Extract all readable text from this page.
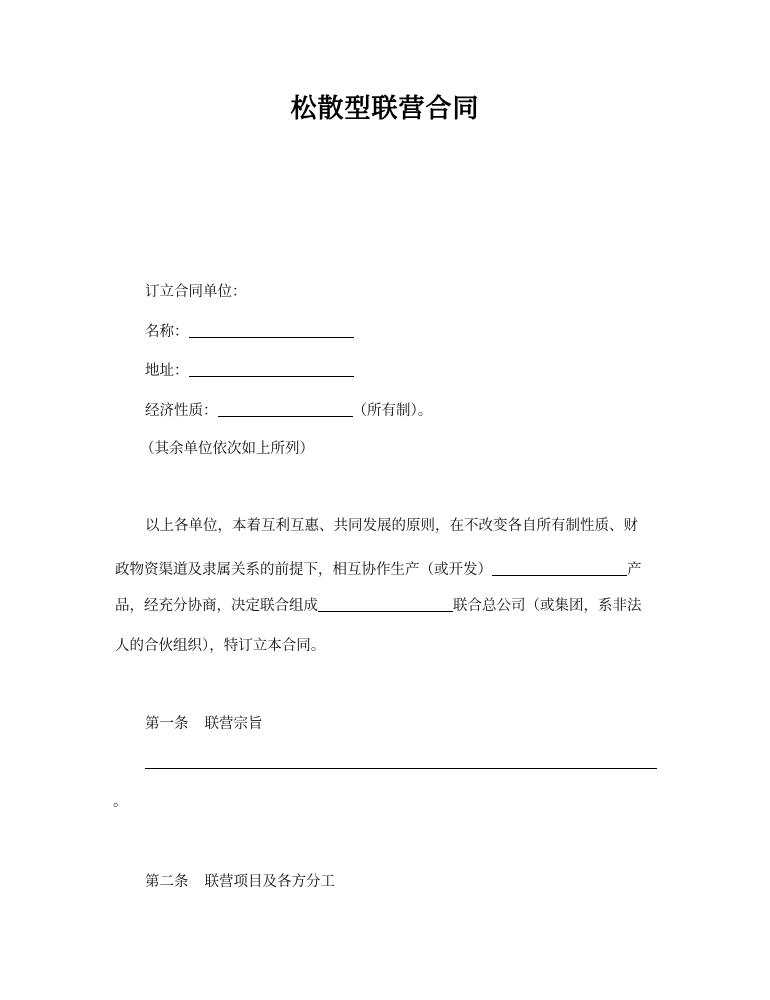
松散型联营合同
订立合同单位：
名称：
地址：
经济性质：	（所有制）。
（其余单位依次如上所列）
以上各单位，本着互利互惠、共同发展的原则，在不改变各自所有制性质、财
政物资渠道及隶属关系的前提下，相互协作生产（或开发）	产
品，经充分协商，决定联合组成	联合总公司（或集团，系非法
人的合伙组织），特订立本合同。
第一条 联营宗旨
。
第二条 联营项目及各方分工
